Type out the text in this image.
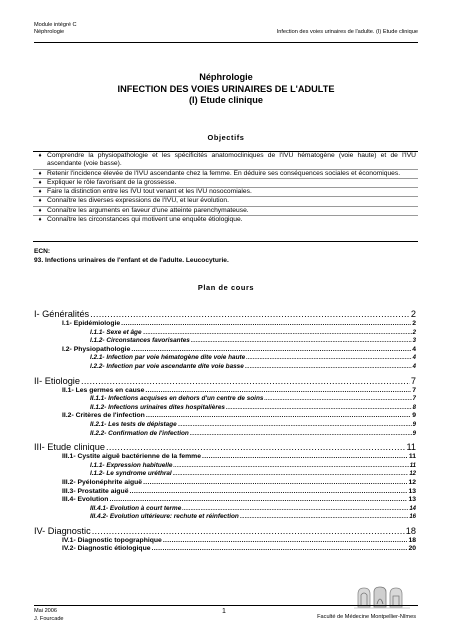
Module intégré C
Néphrologie	Infection des voies urinaires de l'adulte. (I) Etude clinique
Néphrologie
INFECTION DES VOIES URINAIRES DE L'ADULTE
(I) Etude clinique
Objectifs
♦ Comprendre la physiopathologie et les spécificités anatomocliniques de l'IVU hématogène (voie haute) et de l'IVU ascendante (voie basse).
♦ Retenir l'incidence élevée de l'IVU ascendante chez la femme. En déduire ses conséquences sociales et économiques.
♦ Expliquer le rôle favorisant de la grossesse.
♦ Faire la distinction entre les IVU tout venant et les IVU nosocomiales.
♦ Connaître les diverses expressions de l'IVU, et leur évolution.
♦ Connaître les arguments en faveur d'une atteinte parenchymateuse.
♦ Connaître les circonstances qui motivent une enquête étiologique.
ECN:
93. Infections urinaires de l'enfant et de l'adulte. Leucocyturie.
Plan de cours
I- Généralités .....	2
I.1- Epidémiologie .....	2
I.1.1- Sexe et âge .....	2
I.1.2- Circonstances favorisantes .....	3
I.2- Physiopathologie .....	4
I.2.1- Infection par voie hématogène dite voie haute .....	4
I.2.2- Infection par voie ascendante dite voie basse .....	4
II- Etiologie .....	7
II.1- Les germes en cause .....	7
II.1.1- Infections acquises en dehors d'un centre de soins .....	7
II.1.2- Infections urinaires dites hospitalières .....	8
II.2- Critères de l'infection .....	9
II.2.1- Les tests de dépistage .....	9
II.2.2- Confirmation de l'infection .....	9
III- Etude clinique .....	11
III.1- Cystite aiguë bactérienne de la femme .....	11
I.1.1- Expression habituelle .....	11
I.1.2- Le syndrome uréthral .....	12
III.2- Pyélonéphrite aiguë .....	12
III.3- Prostatite aiguë .....	13
III.4- Evolution .....	13
III.4.1- Evolution à court terme .....	14
III.4.2- Evolution ultérieure: rechute et réinfection .....	16
IV- Diagnostic .....	18
IV.1- Diagnostic topographique .....	18
IV.2- Diagnostic étiologique .....	20
Mai 2006
J. Fourcade
1
Faculté de Médecine Montpellier-Nîmes
